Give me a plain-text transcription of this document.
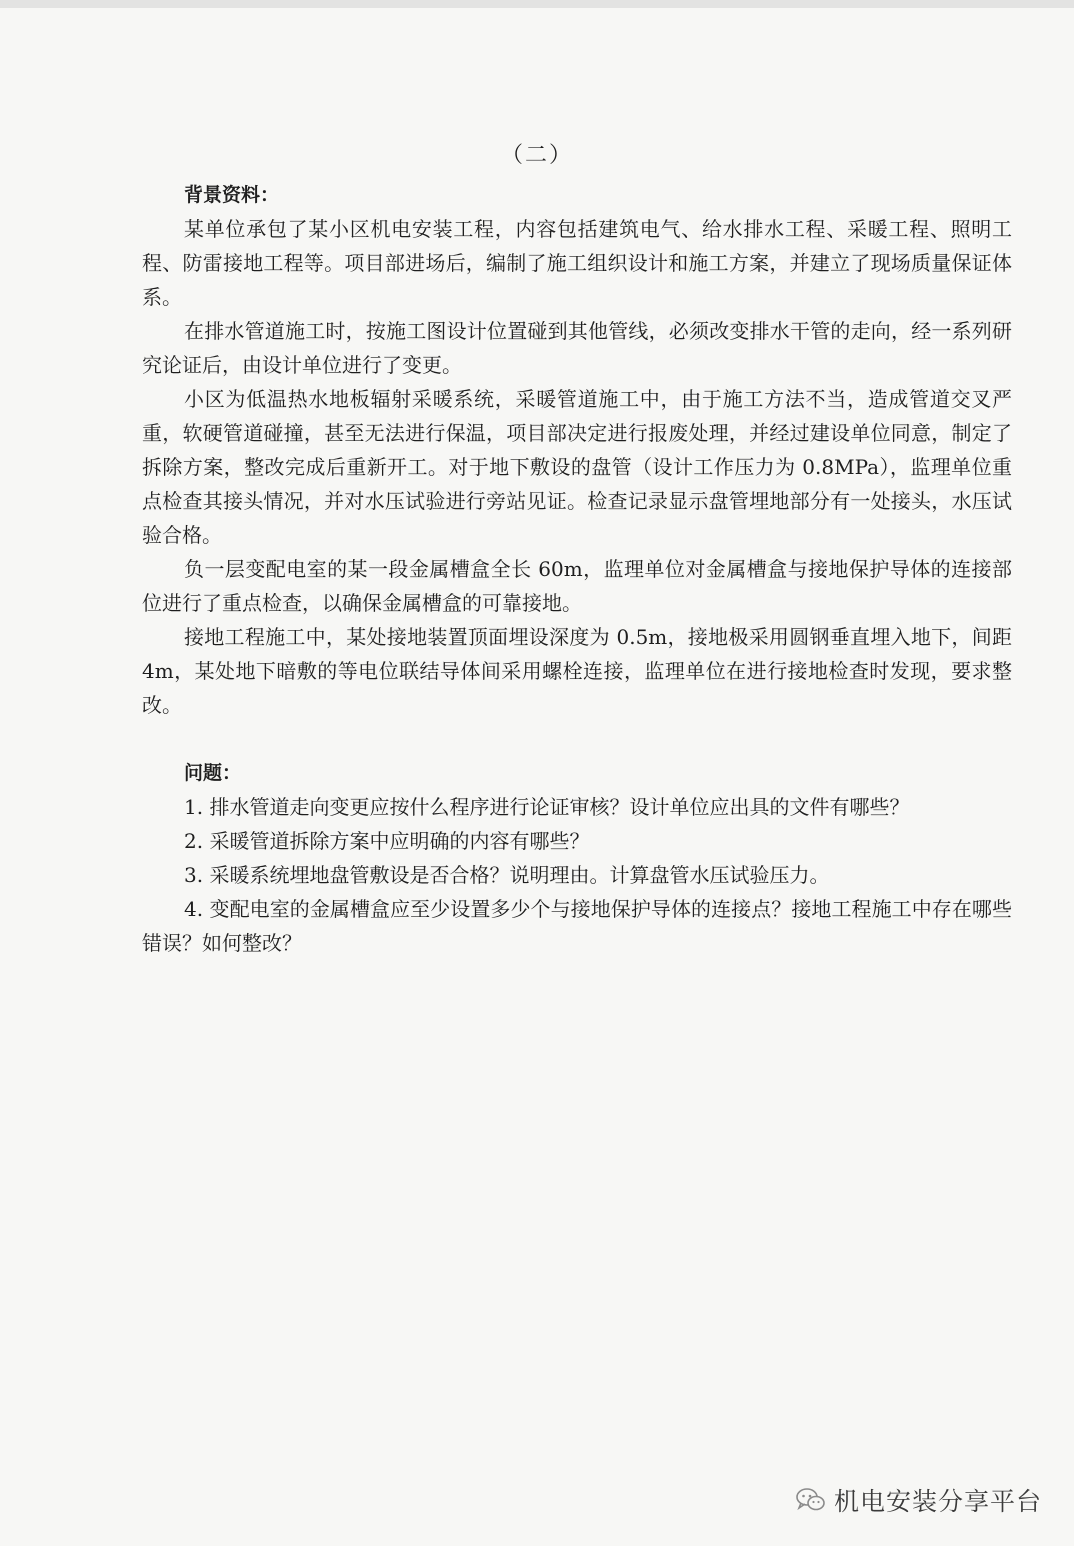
（二）

背景资料：

某单位承包了某小区机电安装工程，内容包括建筑电气、给水排水工程、采暖工程、照明工程、防雷接地工程等。项目部进场后，编制了施工组织设计和施工方案，并建立了现场质量保证体系。

在排水管道施工时，按施工图设计位置碰到其他管线，必须改变排水干管的走向，经一系列研究论证后，由设计单位进行了变更。

小区为低温热水地板辐射采暖系统，采暖管道施工中，由于施工方法不当，造成管道交叉严重，软硬管道碰撞，甚至无法进行保温，项目部决定进行报废处理，并经过建设单位同意，制定了拆除方案，整改完成后重新开工。对于地下敷设的盘管（设计工作压力为 0.8MPa），监理单位重点检查其接头情况，并对水压试验进行旁站见证。检查记录显示盘管埋地部分有一处接头，水压试验合格。

负一层变配电室的某一段金属槽盒全长 60m，监理单位对金属槽盒与接地保护导体的连接部位进行了重点检查，以确保金属槽盒的可靠接地。

接地工程施工中，某处接地装置顶面埋设深度为 0.5m，接地极采用圆钢垂直埋入地下，间距 4m，某处地下暗敷的等电位联结导体间采用螺栓连接，监理单位在进行接地检查时发现，要求整改。

问题：

1. 排水管道走向变更应按什么程序进行论证审核？设计单位应出具的文件有哪些？

2. 采暖管道拆除方案中应明确的内容有哪些？

3. 采暖系统埋地盘管敷设是否合格？说明理由。计算盘管水压试验压力。

4. 变配电室的金属槽盒应至少设置多少个与接地保护导体的连接点？接地工程施工中存在哪些错误？如何整改？

机电安装分享平台
